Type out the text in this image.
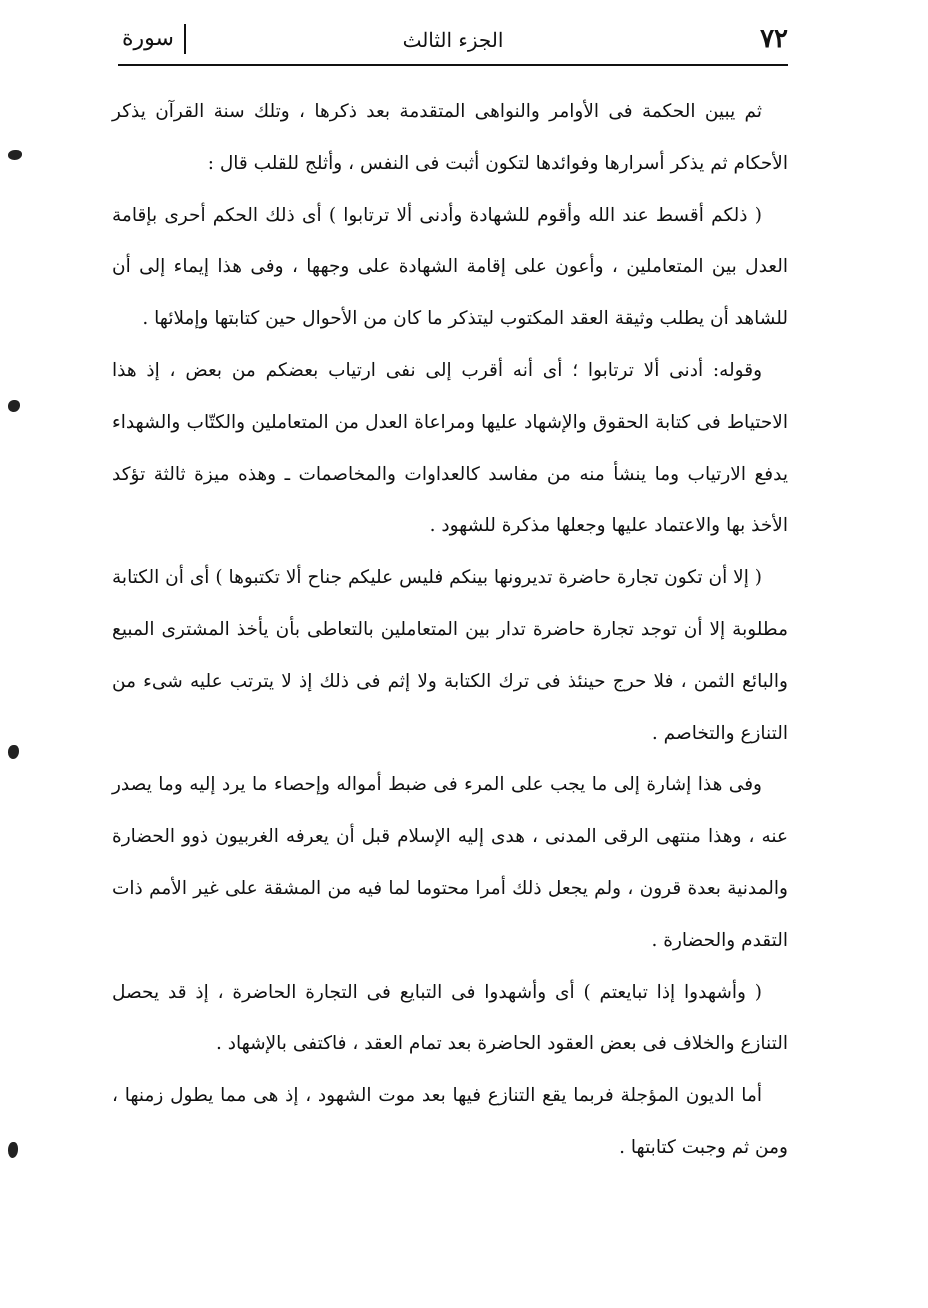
٧٢
الجزء الثالث
سورة

ثم يبين الحكمة فى الأوامر والنواهى المتقدمة بعد ذكرها ، وتلك سنة القرآن يذكر الأحكام ثم يذكر أسرارها وفوائدها لتكون أثبت فى النفس ، وأثلج للقلب قال :

( ذلكم أقسط عند الله وأقوم للشهادة وأدنى ألا ترتابوا ) أى ذلك الحكم أحرى بإقامة العدل بين المتعاملين ، وأعون على إقامة الشهادة على وجهها ، وفى هذا إيماء إلى أن للشاهد أن يطلب وثيقة العقد المكتوب ليتذكر ما كان من الأحوال حين كتابتها وإملائها .

وقوله: أدنى ألا ترتابوا ؛ أى أنه أقرب إلى نفى ارتياب بعضكم من بعض ، إذ هذا الاحتياط فى كتابة الحقوق والإشهاد عليها ومراعاة العدل من المتعاملين والكتّاب والشهداء يدفع الارتياب وما ينشأ منه من مفاسد كالعداوات والمخاصمات ـ وهذه ميزة ثالثة تؤكد الأخذ بها والاعتماد عليها وجعلها مذكرة للشهود .

( إلا أن تكون تجارة حاضرة تديرونها بينكم فليس عليكم جناح ألا تكتبوها ) أى أن الكتابة مطلوبة إلا أن توجد تجارة حاضرة تدار بين المتعاملين بالتعاطى بأن يأخذ المشترى المبيع والبائع الثمن ، فلا حرج حينئذ فى ترك الكتابة ولا إثم فى ذلك إذ لا يترتب عليه شىء من التنازع والتخاصم .

وفى هذا إشارة إلى ما يجب على المرء فى ضبط أمواله وإحصاء ما يرد إليه وما يصدر عنه ، وهذا منتهى الرقى المدنى ، هدى إليه الإسلام قبل أن يعرفه الغربيون ذوو الحضارة والمدنية بعدة قرون ، ولم يجعل ذلك أمرا محتوما لما فيه من المشقة على غير الأمم ذات التقدم والحضارة .

( وأشهدوا إذا تبايعتم ) أى وأشهدوا فى التبايع فى التجارة الحاضرة ، إذ قد يحصل التنازع والخلاف فى بعض العقود الحاضرة بعد تمام العقد ، فاكتفى بالإشهاد .

أما الديون المؤجلة فربما يقع التنازع فيها بعد موت الشهود ، إذ هى مما يطول زمنها ، ومن ثم وجبت كتابتها .
